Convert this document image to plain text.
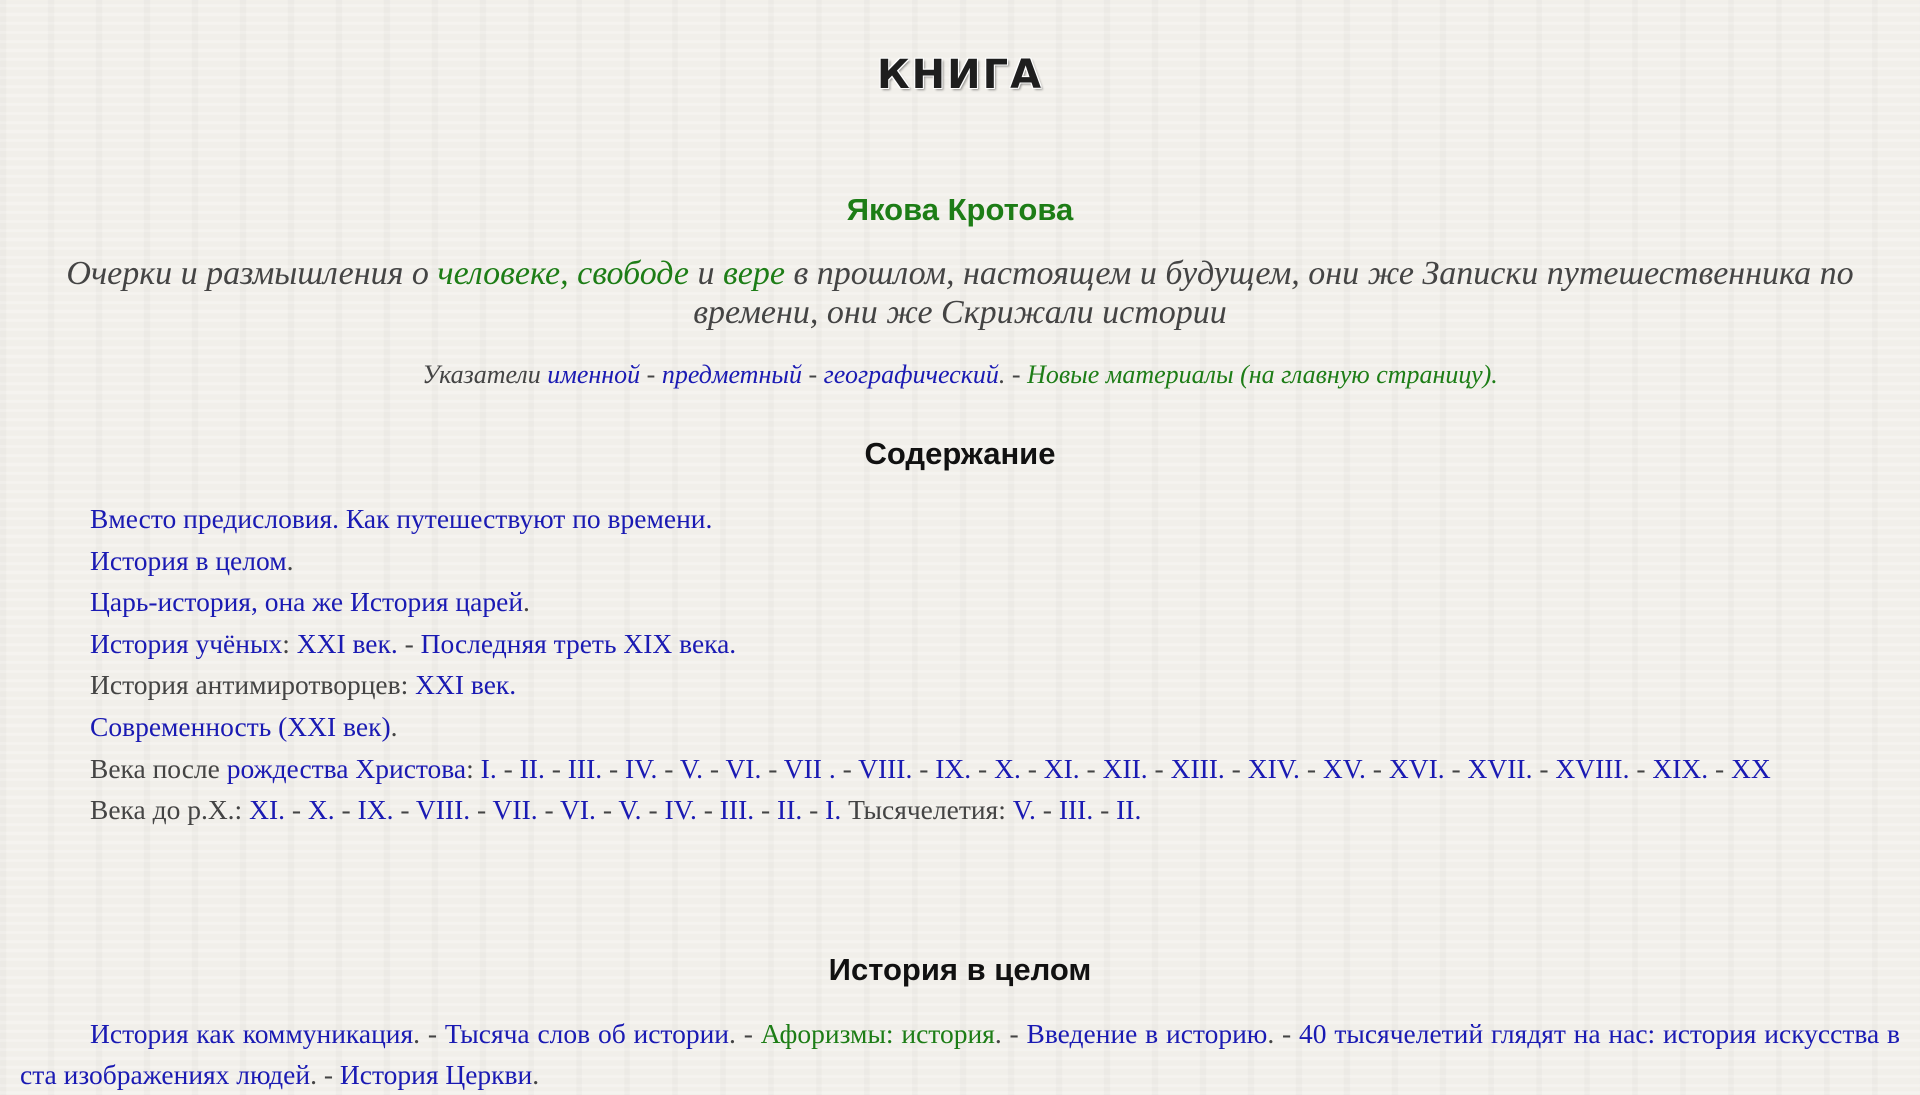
КНИГА
Якова Кротова
Очерки и размышления о человеке, свободе и вере в прошлом, настоящем и будущем, они же Записки путешественника по времени, они же Скрижали истории
Указатели именной - предметный - географический. - Новые материалы (на главную страницу).
Содержание
Вместо предисловия. Как путешествуют по времени.
История в целом.
Царь-история, она же История царей.
История учёных: XXI век. - Последняя треть XIX века.
История антимиротворцев: XXI век.
Современность (XXI век).
Века после рождества Христова: I. - II. - III. - IV. - V. - VI. - VII . - VIII. - IX. - X. - XI. - XII. - XIII. - XIV. - XV. - XVI. - XVII. - XVIII. - XIX. - XX
Века до р.Х.: XI. - X. - IX. - VIII. - VII. - VI. - V. - IV. - III. - II. - I. Тысячелетия: V. - III. - II.
История в целом
История как коммуникация. - Тысяча слов об истории. - Афоризмы: история. - Введение в историю. - 40 тысячелетий глядят на нас: история искусства в ста изображениях людей. - История Церкви.
